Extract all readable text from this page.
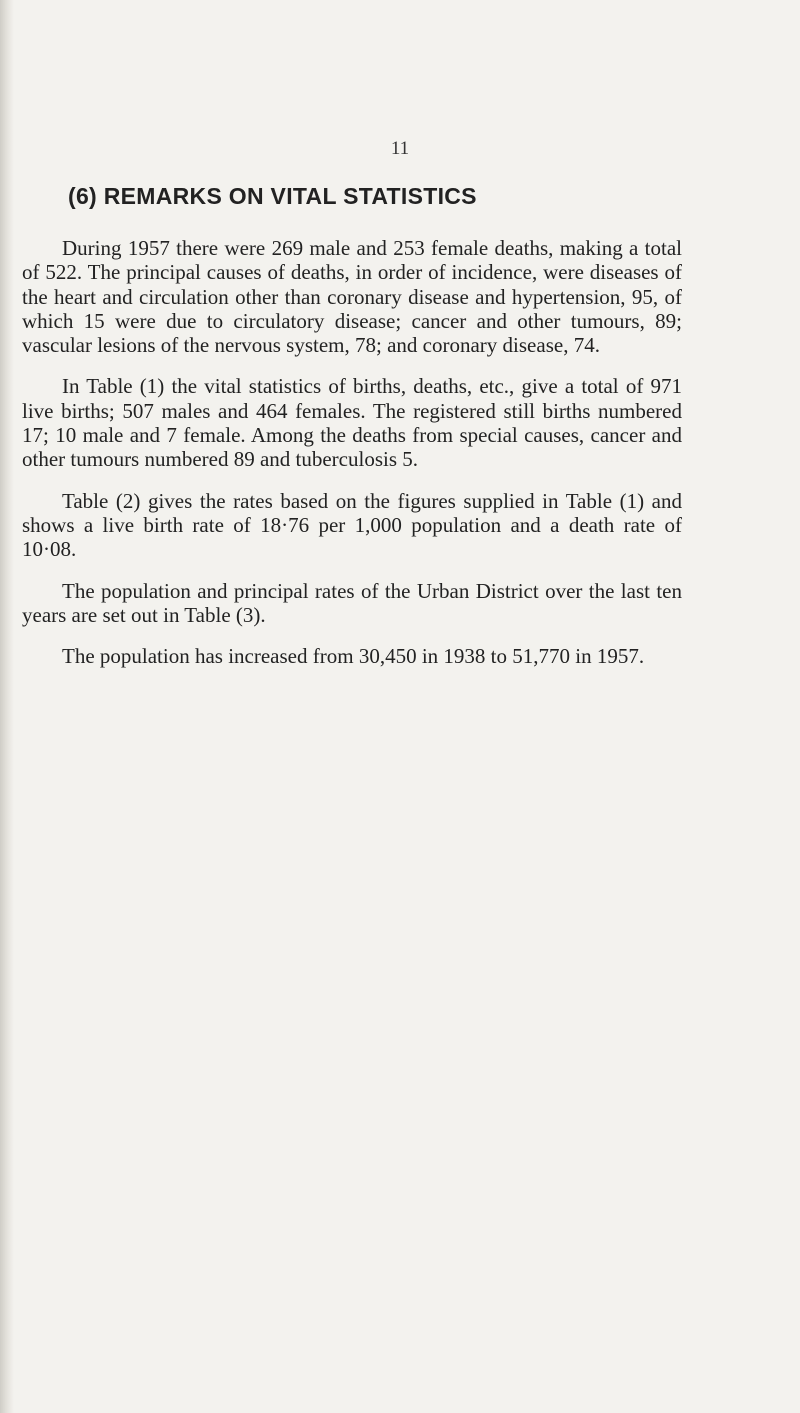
11
(6) REMARKS ON VITAL STATISTICS

During 1957 there were 269 male and 253 female deaths, making a total of 522. The principal causes of deaths, in order of incidence, were diseases of the heart and circulation other than coronary disease and hypertension, 95, of which 15 were due to circulatory disease; cancer and other tumours, 89; vascular lesions of the nervous system, 78; and coronary disease, 74.

In Table (1) the vital statistics of births, deaths, etc., give a total of 971 live births; 507 males and 464 females. The registered still births numbered 17; 10 male and 7 female. Among the deaths from special causes, cancer and other tumours numbered 89 and tuberculosis 5.

Table (2) gives the rates based on the figures supplied in Table (1) and shows a live birth rate of 18·76 per 1,000 population and a death rate of 10·08.

The population and principal rates of the Urban District over the last ten years are set out in Table (3).

The population has increased from 30,450 in 1938 to 51,770 in 1957.
